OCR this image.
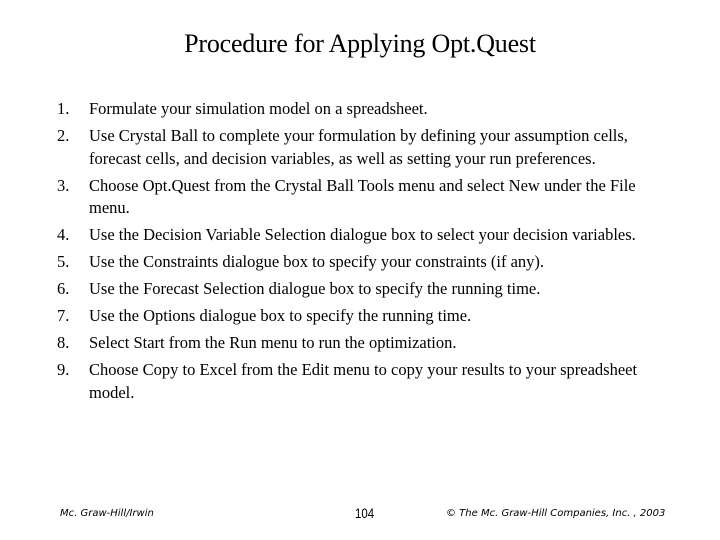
Procedure for Applying Opt.Quest
1. Formulate your simulation model on a spreadsheet.
2. Use Crystal Ball to complete your formulation by defining your assumption cells, forecast cells, and decision variables, as well as setting your run preferences.
3. Choose Opt.Quest from the Crystal Ball Tools menu and select New under the File menu.
4. Use the Decision Variable Selection dialogue box to select your decision variables.
5. Use the Constraints dialogue box to specify your constraints (if any).
6. Use the Forecast Selection dialogue box to specify the running time.
7. Use the Options dialogue box to specify the running time.
8. Select Start from the Run menu to run the optimization.
9. Choose Copy to Excel from the Edit menu to copy your results to your spreadsheet model.
Mc. Graw-Hill/Irwin	104	© The Mc. Graw-Hill Companies, Inc. , 2003
